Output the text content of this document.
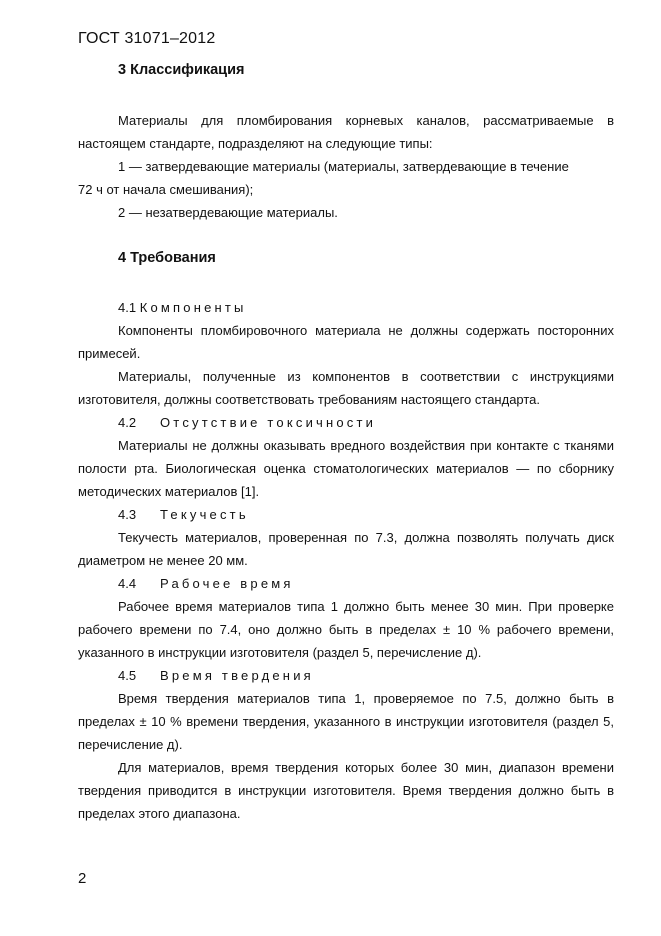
ГОСТ 31071–2012
3 Классификация

Материалы для пломбирования корневых каналов, рассматриваемые в настоящем стандарте, подразделяют на следующие типы:

1 — затвердевающие материалы (материалы, затвердевающие в течение
72 ч от начала смешивания);
2 — незатвердевающие материалы.
4 Требования
4.1 Компоненты

Компоненты пломбировочного материала не должны содержать посторонних примесей.

Материалы, полученные из компонентов в соответствии с инструкциями изготовителя, должны соответствовать требованиям настоящего стандарта.

4.2 Отсутствие токсичности

Материалы не должны оказывать вредного воздействия при контакте с тканями полости рта. Биологическая оценка стоматологических материалов — по сборнику методических материалов [1].

4.3 Текучесть

Текучесть материалов, проверенная по 7.3, должна позволять получать диск диаметром не менее 20 мм.

4.4 Рабочее время

Рабочее время материалов типа 1 должно быть менее 30 мин. При проверке рабочего времени по 7.4, оно должно быть в пределах ± 10 % рабочего времени, указанного в инструкции изготовителя (раздел 5, перечисление д).

4.5 Время твердения

Время твердения материалов типа 1, проверяемое по 7.5, должно быть в пределах ± 10 % времени твердения, указанного в инструкции изготовителя (раздел 5, перечисление д).

Для материалов, время твердения которых более 30 мин, диапазон времени твердения приводится в инструкции изготовителя. Время твердения должно быть в пределах этого диапазона.

2
